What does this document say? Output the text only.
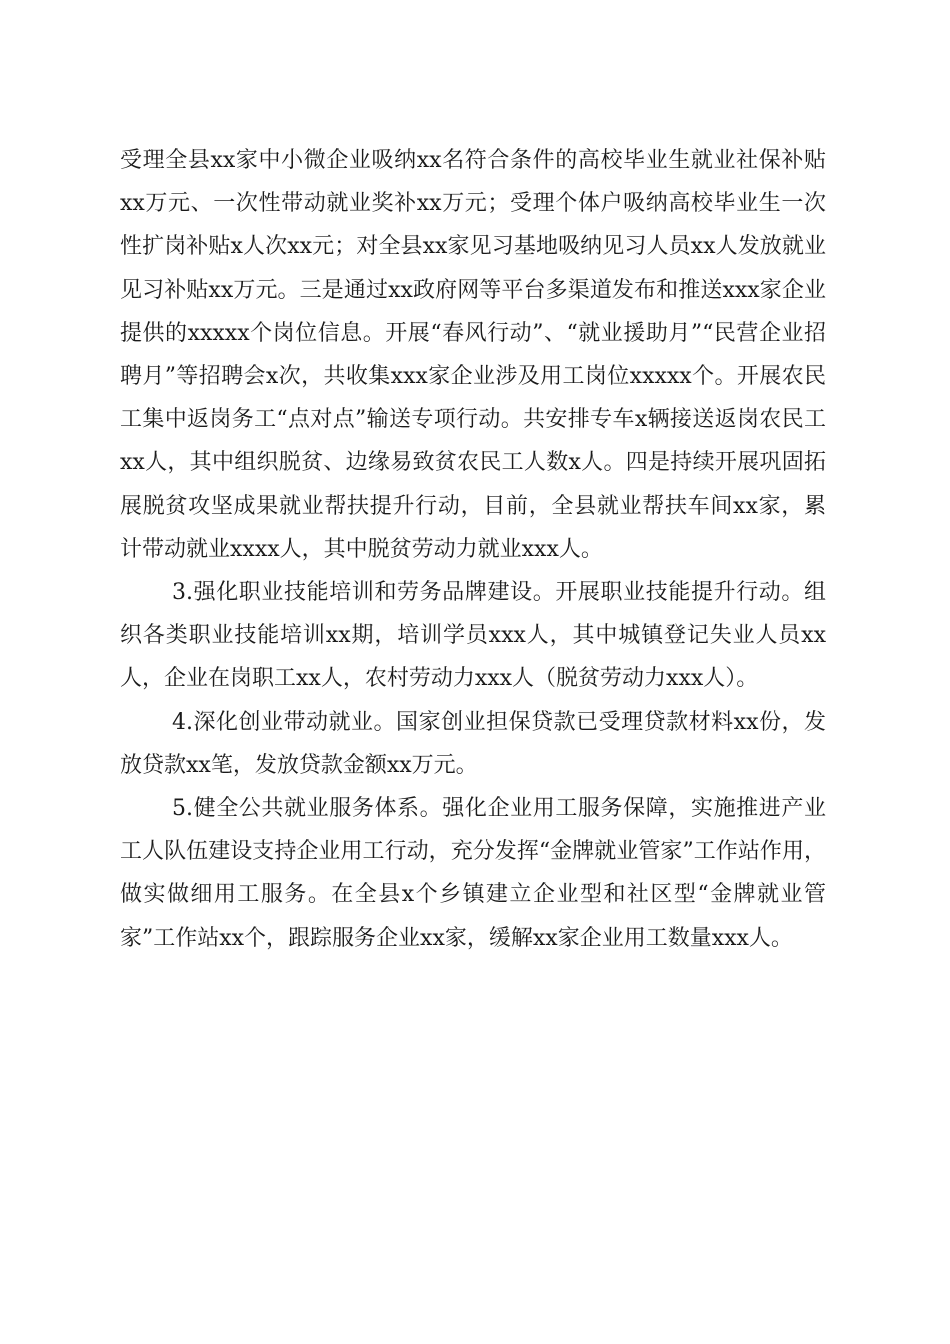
受理全县xx家中小微企业吸纳xx名符合条件的高校毕业生就业社保补贴xx万元、一次性带动就业奖补xx万元；受理个体户吸纳高校毕业生一次性扩岗补贴x人次xx元；对全县xx家见习基地吸纳见习人员xx人发放就业见习补贴xx万元。三是通过xx政府网等平台多渠道发布和推送xxx家企业提供的xxxxx个岗位信息。开展“春风行动”、“就业援助月”“民营企业招聘月”等招聘会x次，共收集xxx家企业涉及用工岗位xxxxx个。开展农民工集中返岗务工“点对点”输送专项行动。共安排专车x辆接送返岗农民工xx人，其中组织脱贫、边缘易致贫农民工人数x人。四是持续开展巩固拓展脱贫攻坚成果就业帮扶提升行动，目前，全县就业帮扶车间xx家，累计带动就业xxxx人，其中脱贫劳动力就业xxx人。

3.强化职业技能培训和劳务品牌建设。开展职业技能提升行动。组织各类职业技能培训xx期，培训学员xxx人，其中城镇登记失业人员xx人，企业在岗职工xx人，农村劳动力xxx人（脱贫劳动力xxx人）。

4.深化创业带动就业。国家创业担保贷款已受理贷款材料xx份，发放贷款xx笔，发放贷款金额xx万元。

5.健全公共就业服务体系。强化企业用工服务保障，实施推进产业工人队伍建设支持企业用工行动，充分发挥“金牌就业管家”工作站作用，做实做细用工服务。在全县x个乡镇建立企业型和社区型“金牌就业管家”工作站xx个，跟踪服务企业xx家，缓解xx家企业用工数量xxx人。
